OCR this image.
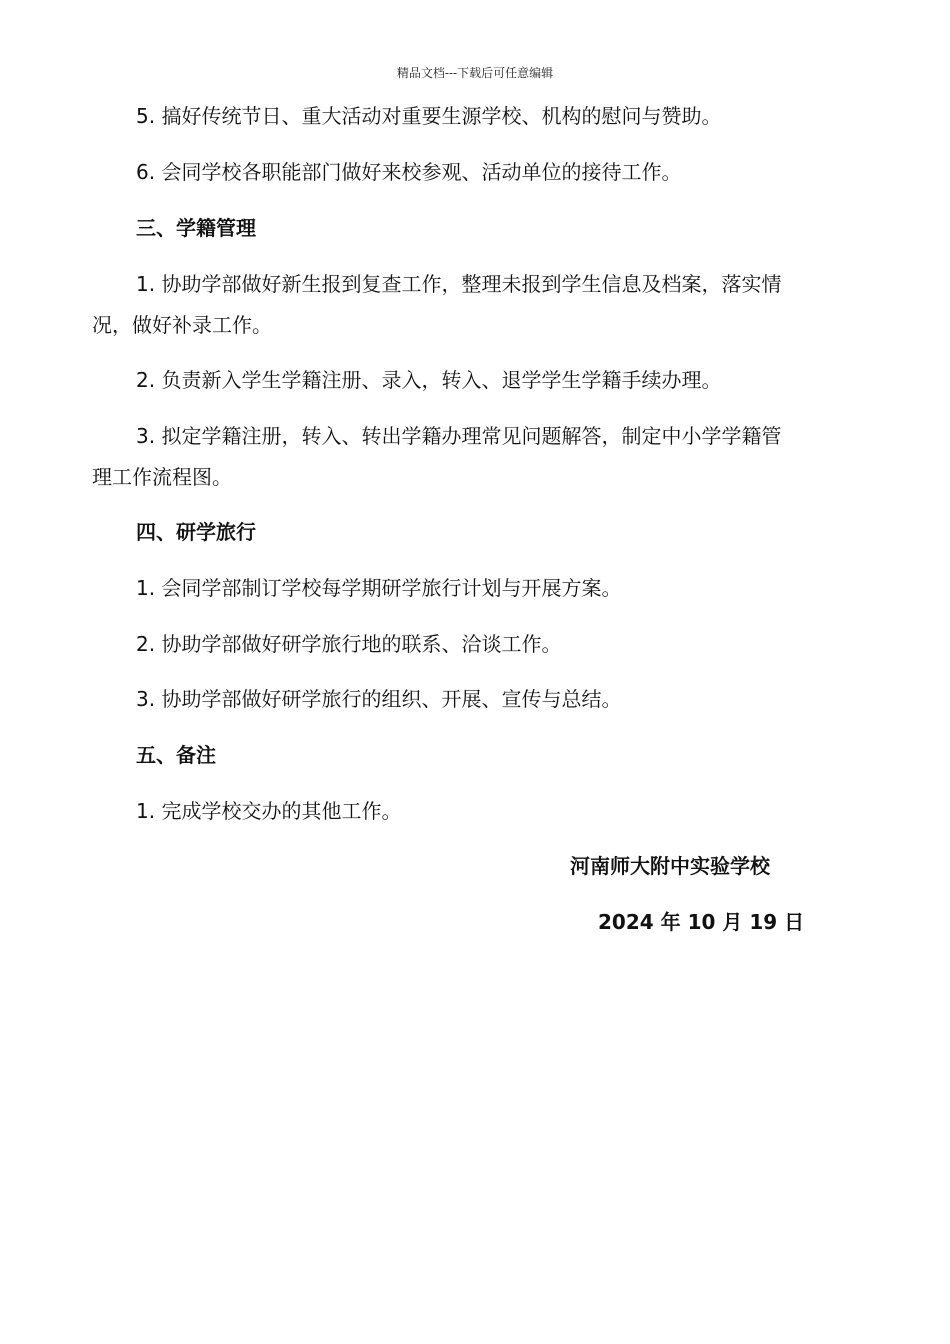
精品文档---下载后可任意编辑
5. 搞好传统节日、重大活动对重要生源学校、机构的慰问与赞助。
6. 会同学校各职能部门做好来校参观、活动单位的接待工作。
三、学籍管理
1. 协助学部做好新生报到复查工作，整理未报到学生信息及档案，落实情
况，做好补录工作。
2. 负责新入学生学籍注册、录入，转入、退学学生学籍手续办理。
3. 拟定学籍注册，转入、转出学籍办理常见问题解答，制定中小学学籍管
理工作流程图。
四、研学旅行
1. 会同学部制订学校每学期研学旅行计划与开展方案。
2. 协助学部做好研学旅行地的联系、洽谈工作。
3. 协助学部做好研学旅行的组织、开展、宣传与总结。
五、备注
1. 完成学校交办的其他工作。
河南师大附中实验学校
2024 年 10 月 19 日
